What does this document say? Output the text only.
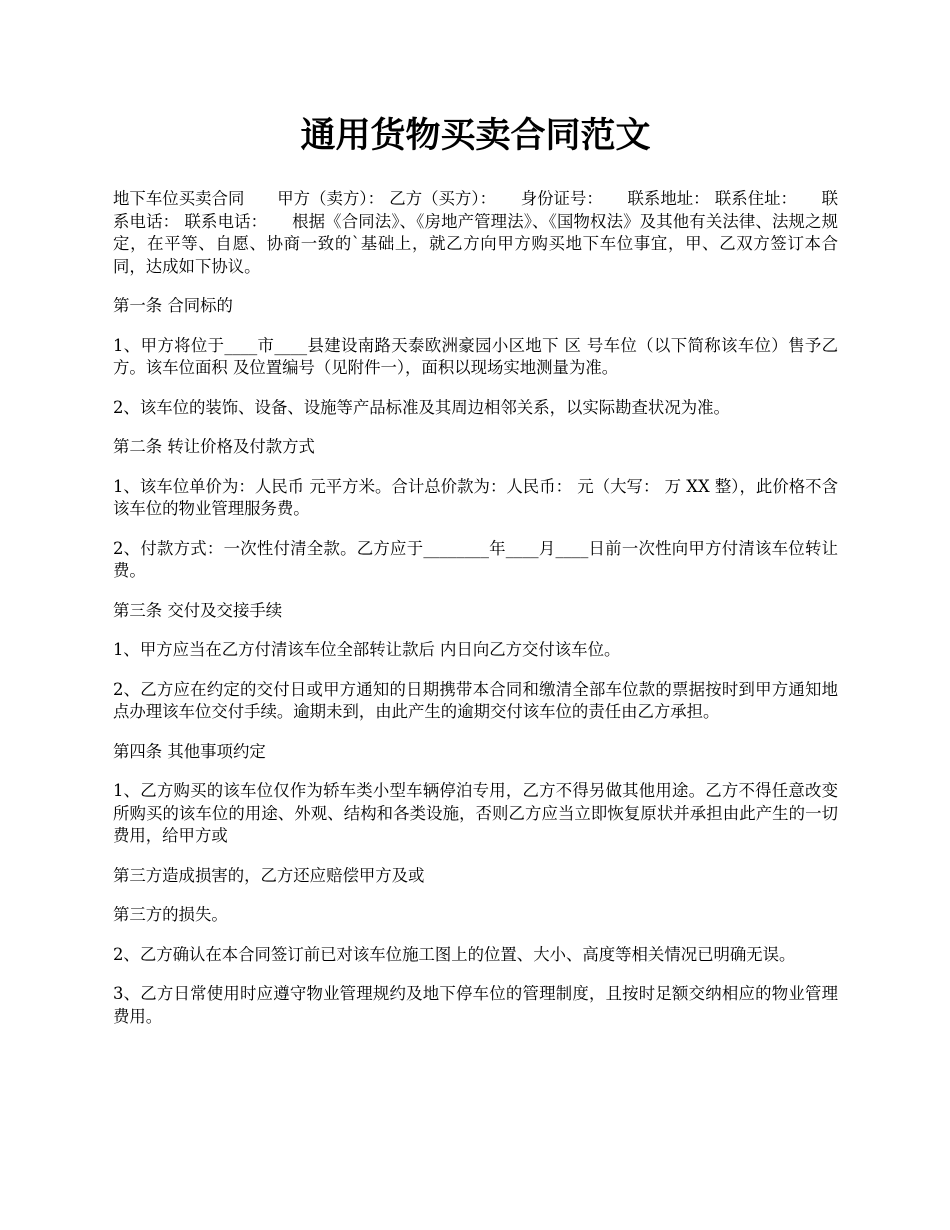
通用货物买卖合同范文

地下车位买卖合同　　甲方（卖方）： 乙方（买方）：　　身份证号：　　联系地址： 联系住址：　　联系电话： 联系电话：　　根据《合同法》、《房地产管理法》、《国物权法》及其他有关法律、法规之规定，在平等、自愿、协商一致的`基础上，就乙方向甲方购买地下车位事宜，甲、乙双方签订本合同，达成如下协议。

第一条 合同标的

1、甲方将位于____市____县建设南路天泰欧洲豪园小区地下 区 号车位（以下简称该车位）售予乙方。该车位面积 及位置编号（见附件一），面积以现场实地测量为准。

2、该车位的装饰、设备、设施等产品标准及其周边相邻关系，以实际勘查状况为准。

第二条 转让价格及付款方式

1、该车位单价为：人民币 元平方米。合计总价款为：人民币： 元（大写： 万 XX 整），此价格不含该车位的物业管理服务费。

2、付款方式：一次性付清全款。乙方应于________年____月____日前一次性向甲方付清该车位转让费。

第三条 交付及交接手续

1、甲方应当在乙方付清该车位全部转让款后 内日向乙方交付该车位。

2、乙方应在约定的交付日或甲方通知的日期携带本合同和缴清全部车位款的票据按时到甲方通知地点办理该车位交付手续。逾期未到，由此产生的逾期交付该车位的责任由乙方承担。

第四条 其他事项约定

1、乙方购买的该车位仅作为轿车类小型车辆停泊专用，乙方不得另做其他用途。乙方不得任意改变所购买的该车位的用途、外观、结构和各类设施，否则乙方应当立即恢复原状并承担由此产生的一切费用，给甲方或

第三方造成损害的，乙方还应赔偿甲方及或

第三方的损失。

2、乙方确认在本合同签订前已对该车位施工图上的位置、大小、高度等相关情况已明确无误。

3、乙方日常使用时应遵守物业管理规约及地下停车位的管理制度，且按时足额交纳相应的物业管理费用。
